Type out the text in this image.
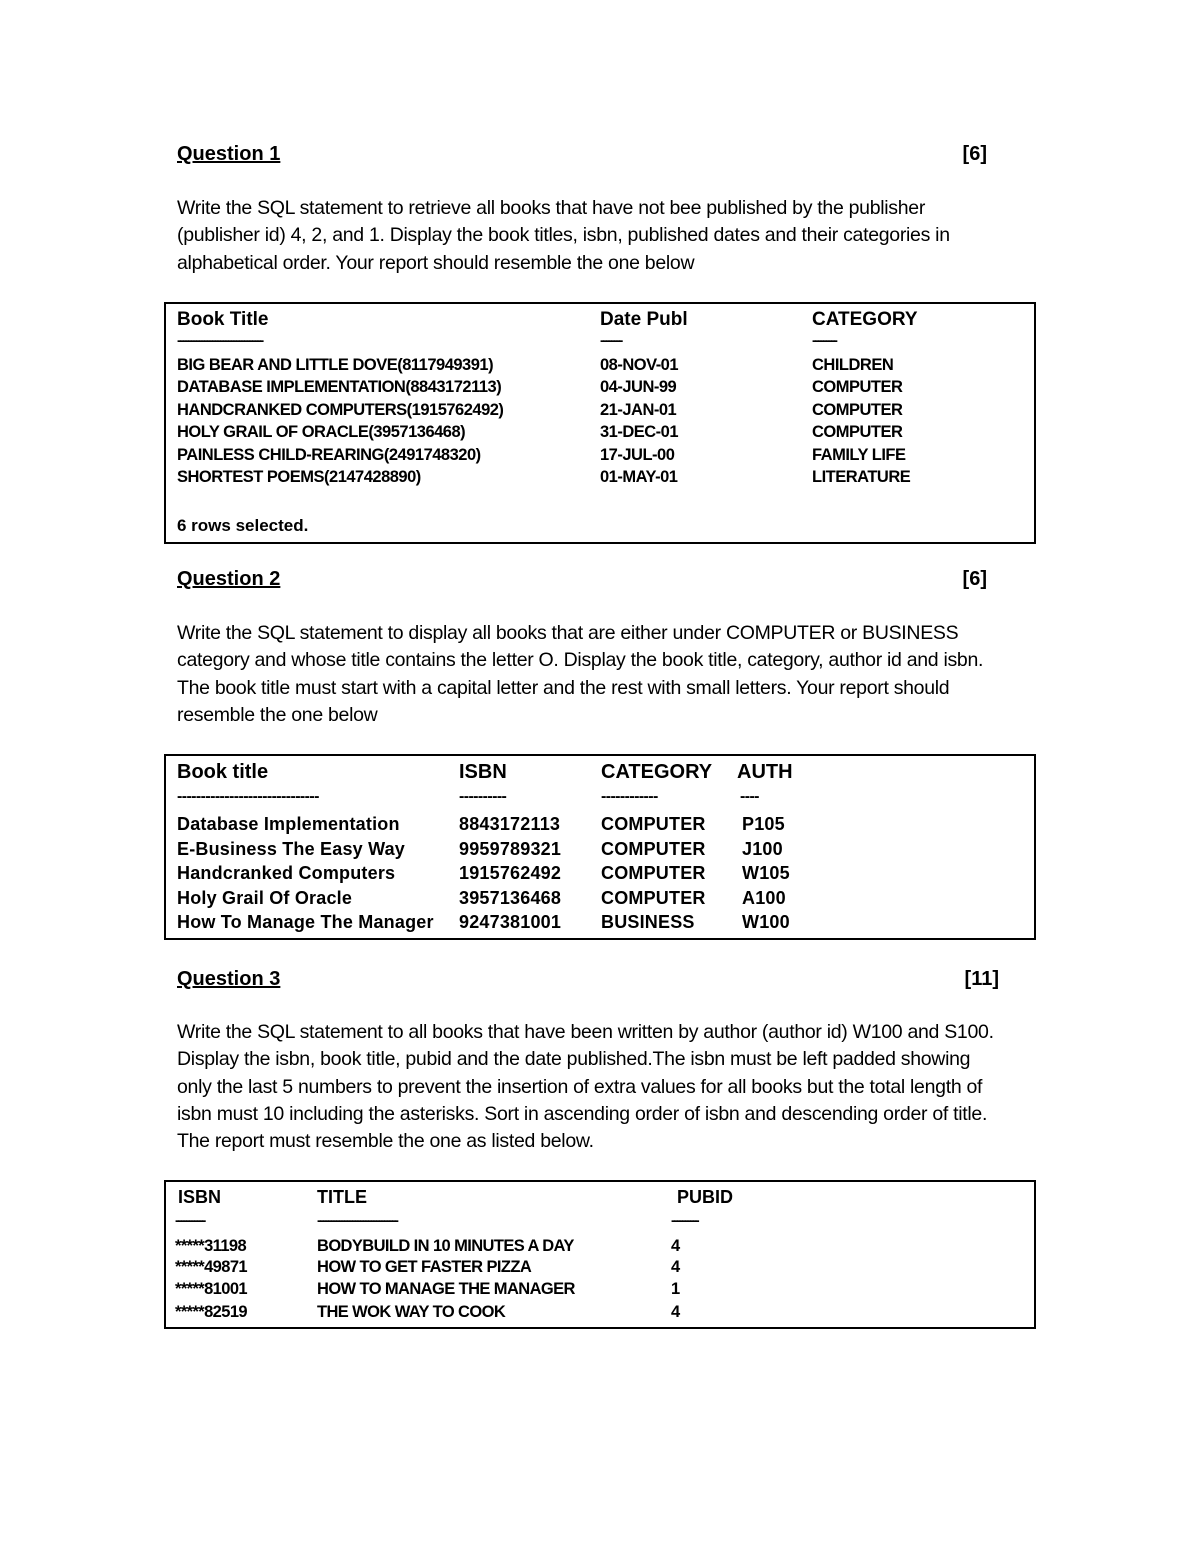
Question 1	[6]
Write the SQL statement to retrieve all books that have not bee published by the publisher
(publisher id) 4, 2, and 1. Display the book titles, isbn, published dates and their categories in
alphabetical order. Your report should resemble the one below
Book Title	Date Publ	CATEGORY
--------------------------------	--------	---------
BIG BEAR AND LITTLE DOVE(8117949391)	08-NOV-01	CHILDREN
DATABASE IMPLEMENTATION(8843172113)	04-JUN-99	COMPUTER
HANDCRANKED COMPUTERS(1915762492)	21-JAN-01	COMPUTER
HOLY GRAIL OF ORACLE(3957136468)	31-DEC-01	COMPUTER
PAINLESS CHILD-REARING(2491748320)	17-JUL-00	FAMILY LIFE
SHORTEST POEMS(2147428890)	01-MAY-01	LITERATURE
6 rows selected.
Question 2	[6]
Write the SQL statement to display all books that are either under COMPUTER or BUSINESS
category and whose title contains the letter O. Display the book title, category, author id and isbn.
The book title must start with a capital letter and the rest with small letters. Your report should
resemble the one below
Book title	ISBN	CATEGORY AUTH
------------------------------	----------	------------	----
Database Implementation	8843172113 COMPUTER P105
E-Business The Easy Way	9959789321 COMPUTER J100
Handcranked Computers	1915762492 COMPUTER W105
Holy Grail Of Oracle	3957136468 COMPUTER A100
How To Manage The Manager 9247381001 BUSINESS	W100
Question 3	[11]
Write the SQL statement to all books that have been written by author (author id) W100 and S100.
Display the isbn, book title, pubid and the date published.The isbn must be left padded showing
only the last 5 numbers to prevent the insertion of extra values for all books but the total length of
isbn must 10 including the asterisks. Sort in ascending order of isbn and descending order of title.
The report must resemble the one as listed below.
ISBN	TITLE	PUBID
-----------	------------------------------	----------
*****31198	BODYBUILD IN 10 MINUTES A DAY	4
*****49871	HOW TO GET FASTER PIZZA	4
*****81001	HOW TO MANAGE THE MANAGER	1
*****82519	THE WOK WAY TO COOK	4
